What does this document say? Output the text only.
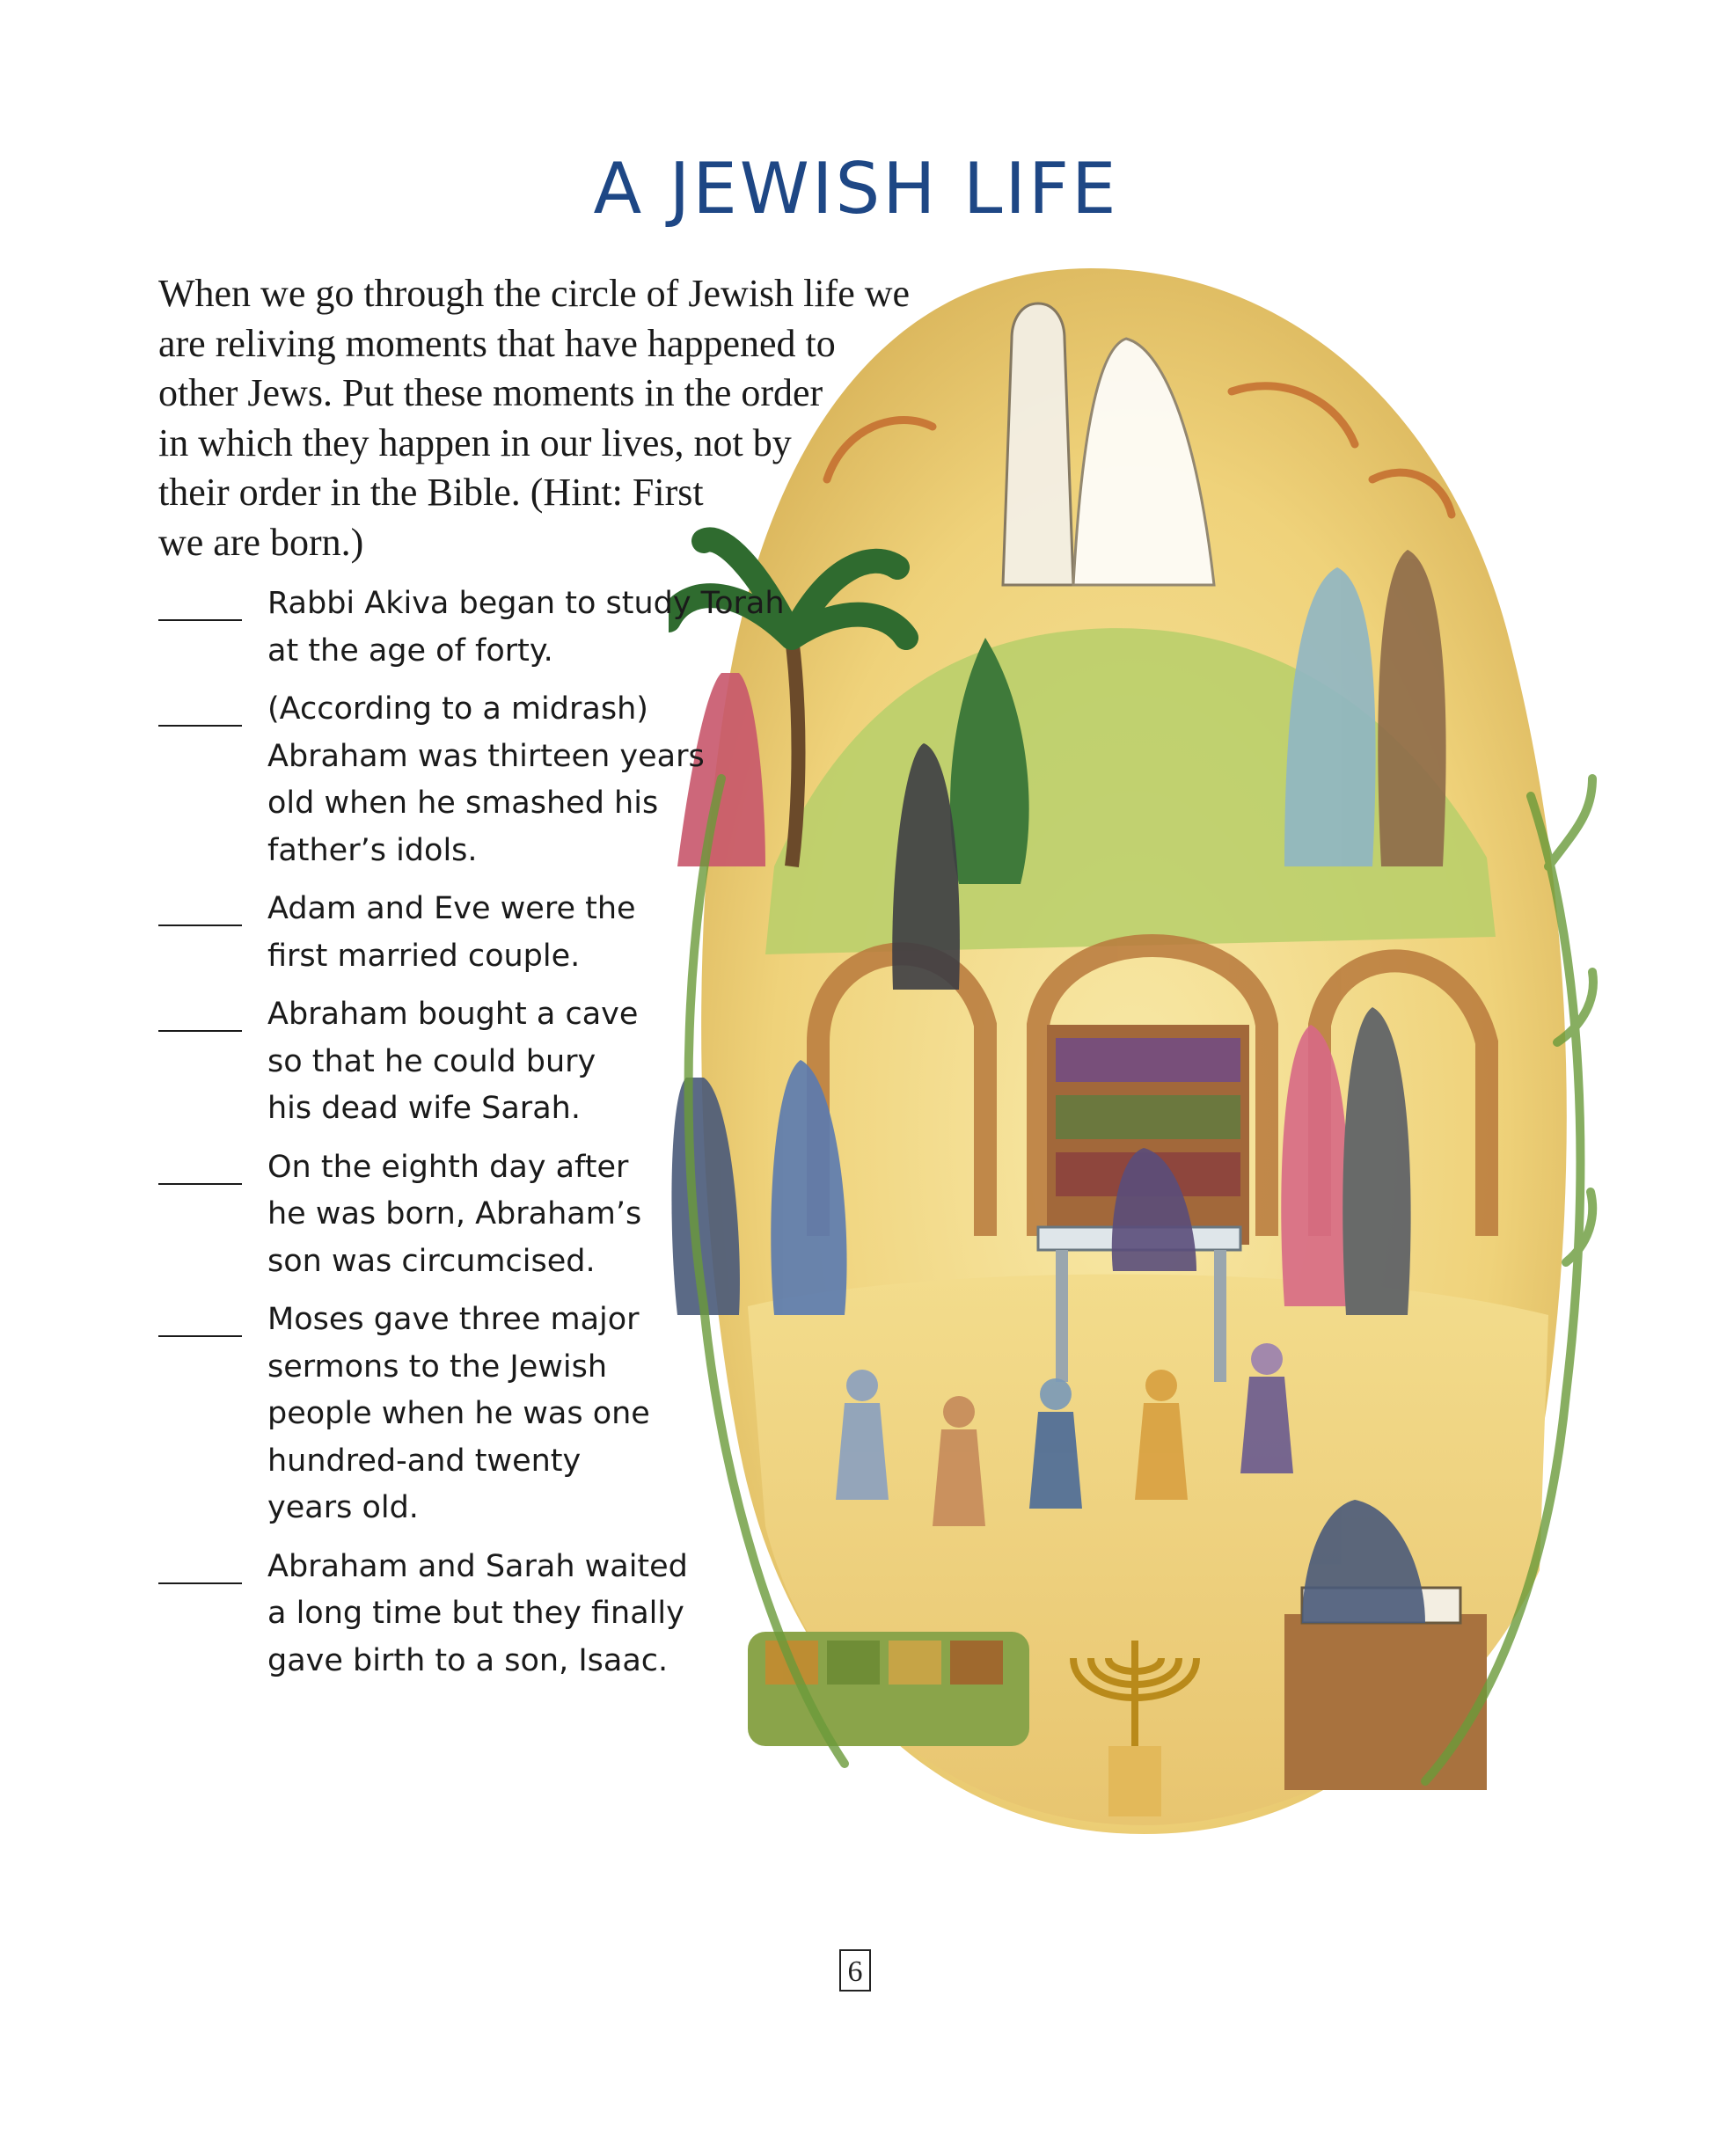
A JEWISH LIFE
When we go through the circle of Jewish life we
are reliving moments that have happened to
other Jews. Put these moments in the order
in which they happen in our lives, not by
their order in the Bible. (Hint: First
we are born.)
Rabbi Akiva began to study Torah
at the age of forty.
(According to a midrash)
Abraham was thirteen years
old when he smashed his
father’s idols.
Adam and Eve were the
first married couple.
Abraham bought a cave
so that he could bury
his dead wife Sarah.
On the eighth day after
he was born, Abraham’s
son was circumcised.
Moses gave three major
sermons to the Jewish
people when he was one
hundred-and twenty
years old.
Abraham and Sarah waited
a long time but they finally
gave birth to a son, Isaac.
6
